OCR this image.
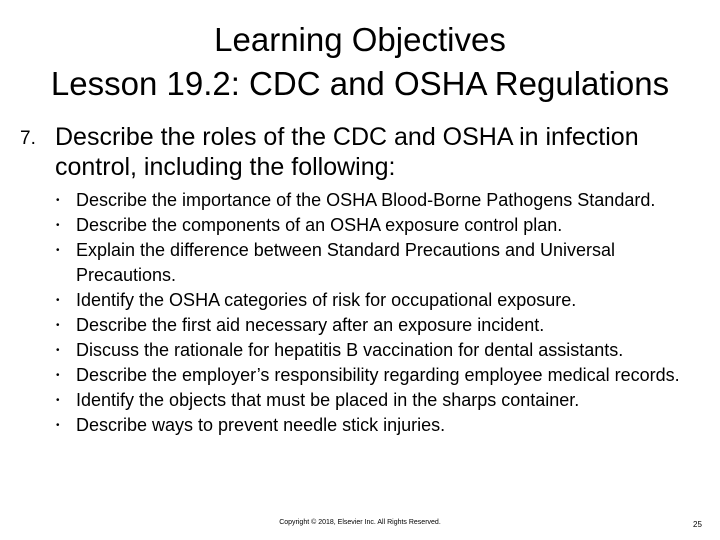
Learning Objectives
Lesson 19.2: CDC and OSHA Regulations
7. Describe the roles of the CDC and OSHA in infection control, including the following:
• Describe the importance of the OSHA Blood-Borne Pathogens Standard.
• Describe the components of an OSHA exposure control plan.
• Explain the difference between Standard Precautions and Universal Precautions.
• Identify the OSHA categories of risk for occupational exposure.
• Describe the first aid necessary after an exposure incident.
• Discuss the rationale for hepatitis B vaccination for dental assistants.
• Describe the employer’s responsibility regarding employee medical records.
• Identify the objects that must be placed in the sharps container.
• Describe ways to prevent needle stick injuries.
Copyright © 2018, Elsevier Inc. All Rights Reserved.	25
